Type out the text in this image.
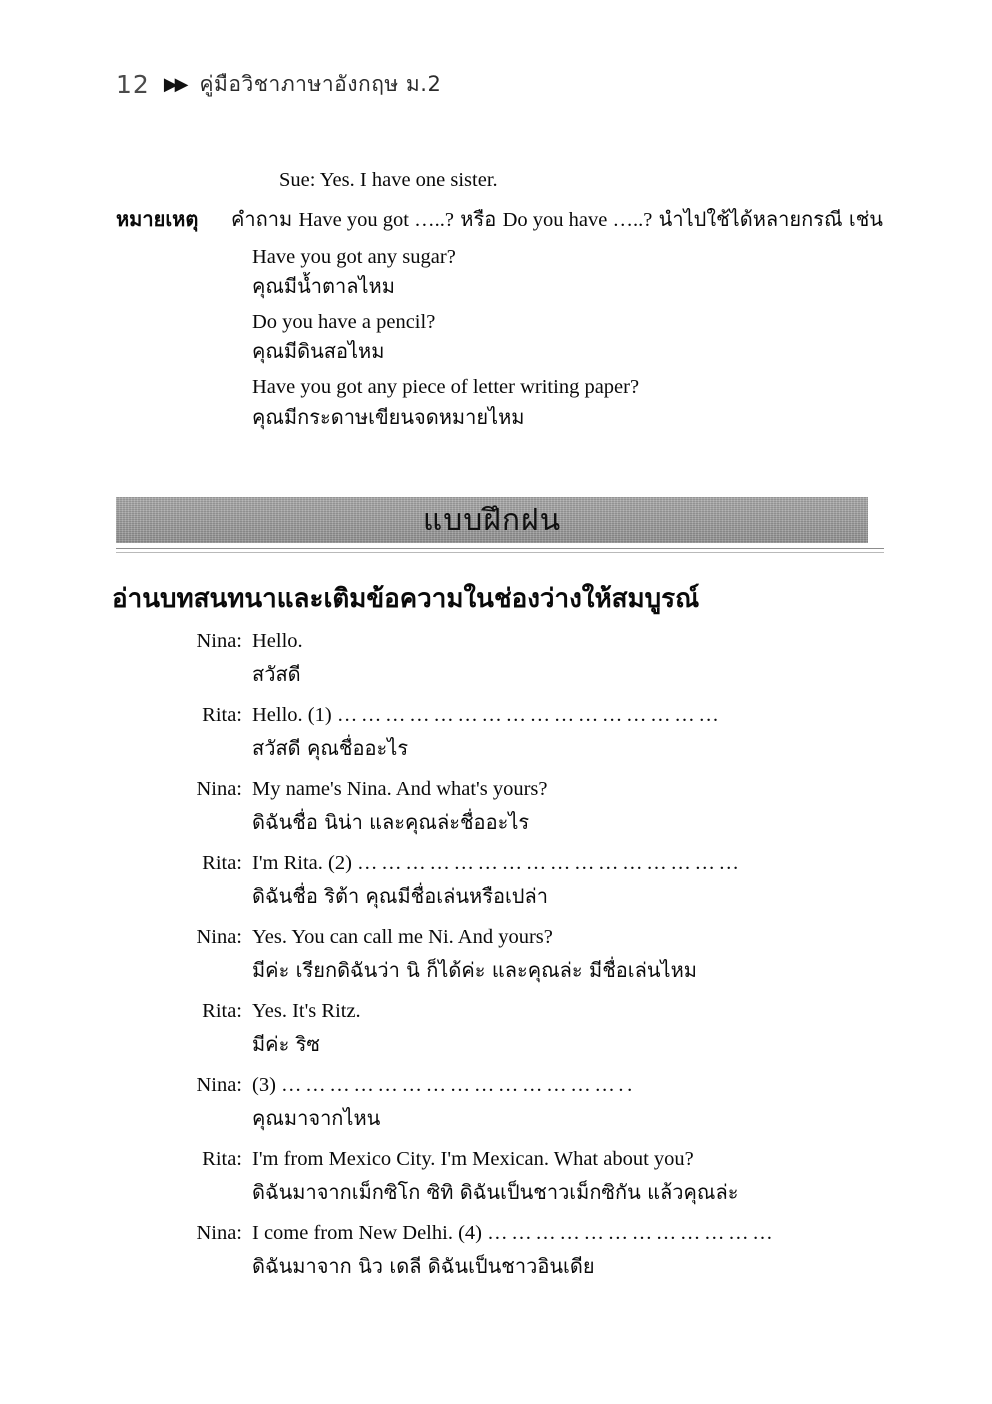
12 ▶▶ คู่มือวิชาภาษาอังกฤษ ม.2
Sue: Yes. I have one sister.
หมายเหตุ คำถาม Have you got …..? หรือ Do you have …..? นำไปใช้ได้หลายกรณี เช่น
Have you got any sugar?
คุณมีน้ำตาลไหม
Do you have a pencil?
คุณมีดินสอไหม
Have you got any piece of letter writing paper?
คุณมีกระดาษเขียนจดหมายไหม
แบบฝึกฝน
อ่านบทสนทนาและเติมข้อความในช่องว่างให้สมบูรณ์
Nina: Hello.
สวัสดี
Rita: Hello. (1) …………………………………………
สวัสดี คุณชื่ออะไร
Nina: My name's Nina. And what's yours?
ดิฉันชื่อ นิน่า และคุณล่ะชื่ออะไร
Rita: I'm Rita. (2) …………………………………………
ดิฉันชื่อ ริต้า คุณมีชื่อเล่นหรือเปล่า
Nina: Yes. You can call me Ni. And yours?
มีค่ะ เรียกดิฉันว่า นิ ก็ได้ค่ะ และคุณล่ะ มีชื่อเล่นไหม
Rita: Yes. It's Ritz.
มีค่ะ ริซ
Nina: (3) ……………………………………..
คุณมาจากไหน
Rita: I'm from Mexico City. I'm Mexican. What about you?
ดิฉันมาจากเม็กซิโก ซิทิ ดิฉันเป็นชาวเม็กซิกัน แล้วคุณล่ะ
Nina: I come from New Delhi. (4) ………………………………
ดิฉันมาจาก นิว เดลี ดิฉันเป็นชาวอินเดีย
